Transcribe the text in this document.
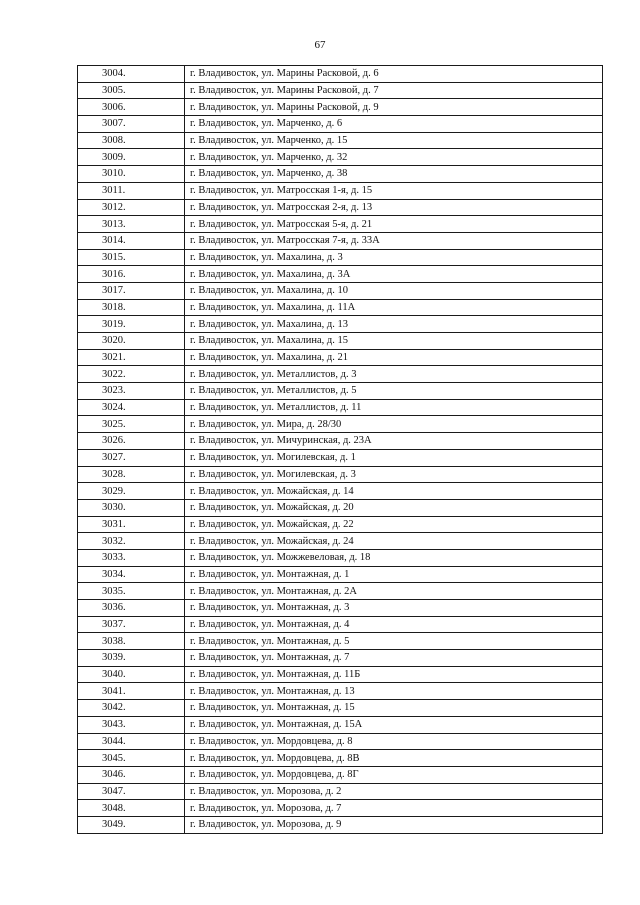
67
3004.	г. Владивосток, ул. Марины Расковой, д. 6
3005.	г. Владивосток, ул. Марины Расковой, д. 7
3006.	г. Владивосток, ул. Марины Расковой, д. 9
3007.	г. Владивосток, ул. Марченко, д. 6
3008.	г. Владивосток, ул. Марченко, д. 15
3009.	г. Владивосток, ул. Марченко, д. 32
3010.	г. Владивосток, ул. Марченко, д. 38
3011.	г. Владивосток, ул. Матросская 1-я, д. 15
3012.	г. Владивосток, ул. Матросская 2-я, д. 13
3013.	г. Владивосток, ул. Матросская 5-я, д. 21
3014.	г. Владивосток, ул. Матросская 7-я, д. 33А
3015.	г. Владивосток, ул. Махалина, д. 3
3016.	г. Владивосток, ул. Махалина, д. 3А
3017.	г. Владивосток, ул. Махалина, д. 10
3018.	г. Владивосток, ул. Махалина, д. 11А
3019.	г. Владивосток, ул. Махалина, д. 13
3020.	г. Владивосток, ул. Махалина, д. 15
3021.	г. Владивосток, ул. Махалина, д. 21
3022.	г. Владивосток, ул. Металлистов, д. 3
3023.	г. Владивосток, ул. Металлистов, д. 5
3024.	г. Владивосток, ул. Металлистов, д. 11
3025.	г. Владивосток, ул. Мира, д. 28/30
3026.	г. Владивосток, ул. Мичуринская, д. 23А
3027.	г. Владивосток, ул. Могилевская, д. 1
3028.	г. Владивосток, ул. Могилевская, д. 3
3029.	г. Владивосток, ул. Можайская, д. 14
3030.	г. Владивосток, ул. Можайская, д. 20
3031.	г. Владивосток, ул. Можайская, д. 22
3032.	г. Владивосток, ул. Можайская, д. 24
3033.	г. Владивосток, ул. Можжевеловая, д. 18
3034.	г. Владивосток, ул. Монтажная, д. 1
3035.	г. Владивосток, ул. Монтажная, д. 2А
3036.	г. Владивосток, ул. Монтажная, д. 3
3037.	г. Владивосток, ул. Монтажная, д. 4
3038.	г. Владивосток, ул. Монтажная, д. 5
3039.	г. Владивосток, ул. Монтажная, д. 7
3040.	г. Владивосток, ул. Монтажная, д. 11Б
3041.	г. Владивосток, ул. Монтажная, д. 13
3042.	г. Владивосток, ул. Монтажная, д. 15
3043.	г. Владивосток, ул. Монтажная, д. 15А
3044.	г. Владивосток, ул. Мордовцева, д. 8
3045.	г. Владивосток, ул. Мордовцева, д. 8В
3046.	г. Владивосток, ул. Мордовцева, д. 8Г
3047.	г. Владивосток, ул. Морозова, д. 2
3048.	г. Владивосток, ул. Морозова, д. 7
3049.	г. Владивосток, ул. Морозова, д. 9
